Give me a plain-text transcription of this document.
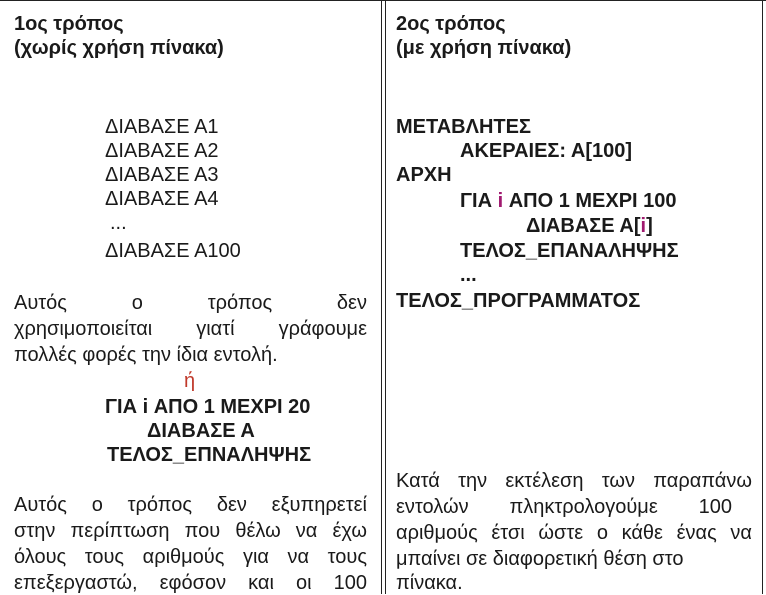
1ος τρόπος
(χωρίς χρήση πίνακα)
ΔΙΑΒΑΣΕ Α1
ΔΙΑΒΑΣΕ Α2
ΔΙΑΒΑΣΕ Α3
ΔΙΑΒΑΣΕ Α4
...
ΔΙΑΒΑΣΕ Α100
Αυτός	ο	τρόπος	δεν
χρησιμοποιείται γιατί γράφουμε
πολλές φορές την ίδια εντολή.
ή
ΓΙΑ i ΑΠΟ 1 ΜΕΧΡΙ 20
ΔΙΑΒΑΣΕ Α
ΤΕΛΟΣ_ΕΠΝΑΛΗΨΗΣ
Αυτός ο τρόπος δεν εξυπηρετεί
στην περίπτωση που θέλω να έχω
όλους τους αριθμούς για να τους
επεξεργαστώ, εφόσον και οι 100
2ος τρόπος
(με χρήση πίνακα)
ΜΕΤΑΒΛΗΤΕΣ
ΑΚΕΡΑΙΕΣ: Α[100]
ΑΡΧΗ
ΓΙΑ i ΑΠΟ 1 ΜΕΧΡΙ 100
ΔΙΑΒΑΣΕ Α[i]
ΤΕΛΟΣ_ΕΠΑΝΑΛΗΨΗΣ
...
ΤΕΛΟΣ_ΠΡΟΓΡΑΜΜΑΤΟΣ
Κατά την εκτέλεση των παραπάνω
εντολών πληκτρολογούμε 100
αριθμούς έτσι ώστε ο κάθε ένας να
μπαίνει σε διαφορετική θέση στο
πίνακα.
